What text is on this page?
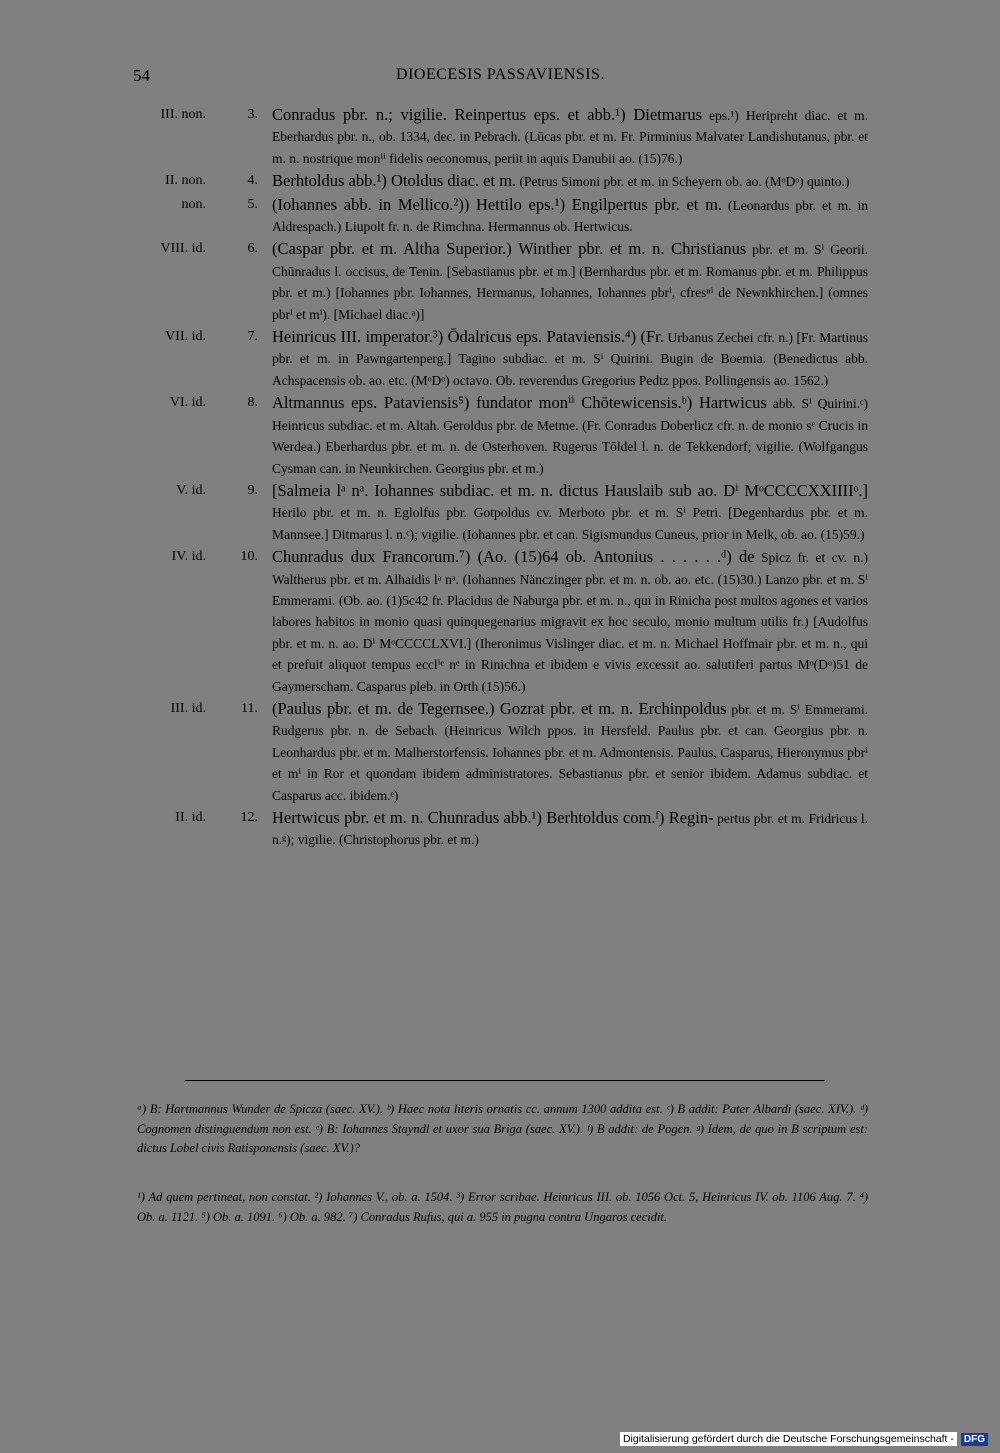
54	DIOECESIS PASSAVIENSIS.
III. non.	3. Conradus pbr. n.; vigilie. Reinpertus eps. et abb.¹) Dietmarus eps.¹) Heripreht diac. et m. Eberhardus pbr. n., ob. 1334, dec. in Pebrach. (Lūcas pbr. et m. Fr. Pirminius Malvater Landishutanus, pbr. et m. n. nostrique monⁱⁱ fidelis oeconomus, periit in aquis Danubii ao. (15)76.)
II. non.	4. Berhtoldus abb.¹) Otoldus diac. et m. (Petrus Simoni pbr. et m. in Scheyern ob. ao. (MᵒDᵒ) quinto.)
non.	5. (Iohannes abb. in Mellico.²)) Hettilo eps.¹) Engilpertus pbr. et m. (Leonardus pbr. et m. in Aldrespach.) Liupolt fr. n. de Rimchna. Hermannus ob. Hertwicus.
VIII. id.	6. (Caspar pbr. et m. Altha Superior.) Winther pbr. et m. n. Christianus pbr. et m. Sⁱ Georii. Chūnradus l. occisus, de Tenin. [Sebastianus pbr. et m.] (Bernhardus pbr. et m. Romanus pbr. et m. Philippus pbr. et m.) [Iohannes pbr. Iohannes, Hermanus, Iohannes, Iohannes pbrⁱ, cfresⁿⁱ de Newnkhirchen.] (omnes pbrⁱ et mⁱ). [Michael diac.ᵃ)]
VII. id.	7. Heinricus III. imperator.³) Ōdalricus eps. Pataviensis.⁴) (Fr. Urbanus Zechei cfr. n.) [Fr. Martinus pbr. et m. in Pawngartenperg.] Tagino subdiac. et m. Sⁱ Quirini. Bugin de Boemia. (Benedictus abb. Achspacensis ob. ao. etc. (MᵒDᵒ) octavo. Ob. reverendus Gregorius Pedtz ppos. Pollingensis ao. 1562.)
VI. id.	8. Altmannus eps. Pataviensis⁵) fundator monⁱⁱ Chōtewicensis.ᵇ) Hartwicus abb. Sⁱ Quirini.ᶜ) Heinricus subdiac. et m. Altah. Geroldus pbr. de Metme. (Fr. Conradus Doberlicz cfr. n. de monio sᵉ Crucis in Werdea.) Eberhardus pbr. et m. n. de Osterhoven. Rugerus Tōldel l. n. de Tekkendorf; vigilie. (Wolfgangus Cysman can. in Neunkirchen. Georgius pbr. et m.)
V. id.	9. [Salmeia lᵃ nᵃ. Iohannes subdiac. et m. n. dictus Hauslaib sub ao. Dⁱ MᵒCCCCXXIIIIᵒ.] Herilo pbr. et m. n. Eglolfus pbr. Gotpoldus cv. Merboto pbr. et m. Sⁱ Petri. [Degenhardus pbr. et m. Mannsee.] Ditmarus l. n.ᶜ); vigilie. (Iohannes pbr. et can. Sigismundus Cuneus, prior in Melk, ob. ao. (15)59.)
IV. id.	10. Chunradus dux Francorum.⁷) (Ao. (15)64 ob. Antonius . . . . . .ᵈ) de Spicz fr. et cv. n.) Waltherus pbr. et m. Alhaidis lᵃ nᵃ. (Iohannes Nänczinger pbr. et m. n. ob. ao. etc. (15)30.) Lanzo pbr. et m. Sⁱ Emmerami. (Ob. ao. (1)5c42 fr. Placidus de Naburga pbr. et m. n., qui in Rinicha post multos agones et varios labores habitos in monio quasi quinquegenarius migravit ex hoc seculo, monio multum utilis fr.) [Audolfus pbr. et m. n. ao. Dⁱ MᵒCCCCLXVI.] (Iheronimus Vislinger diac. et m. n. Michael Hoffmair pbr. et m. n., qui et prefuit aliquot tempus ecclⁱᵉ nᵉ in Rinichna et ibidem e vivis excessit ao. salutiferi partus Mᵒ(Dᵒ)51 de Gaymerscham. Casparus pleb. in Orth (15)56.)
III. id.	11. (Paulus pbr. et m. de Tegernsee.) Gozrat pbr. et m. n. Erchinpoldus pbr. et m. Sⁱ Emmerami. Rudgerus pbr. n. de Sebach. (Heinricus Wilch ppos. in Hersfeld. Paulus pbr. et can. Georgius pbr. n. Leonhardus pbr. et m. Malherstorfensis. Iohannes pbr. et m. Admontensis. Paulus, Casparus, Hieronymus pbrⁱ et mⁱ in Ror et quondam ibidem administratores. Sebastianus pbr. et senior ibidem. Adamus subdiac. et Casparus acc. ibidem.ᵉ)
II. id.	12. Hertwicus pbr. et m. n. Chunradus abb.¹) Berhtoldus com.ᶠ) Regin- pertus pbr. et m. Fridricus l. n.ᵍ); vigilie. (Christophorus pbr. et m.)
ᵃ) B: Hartmannus Wunder de Spicza (saec. XV.). ᵇ) Haec nota literis ornatis cc. annum 1300 addita est. ᶜ) B addit: Pater Albardi (saec. XIV.). ᵈ) Cognomen distinguendum non est. ᵉ) B: Iohannes Stayndl et uxor sua Briga (saec. XV.). ᶠ) B addit: de Pogen. ᵍ) Idem, de quo in B scriptum est: dictus Lobel civis Ratisponensis (saec. XV.)?
¹) Ad quem pertineat, non constat. ²) Iohannes V., ob. a. 1504. ³) Error scribae. Heinricus III. ob. 1056 Oct. 5, Heinricus IV. ob. 1106 Aug. 7. ⁴) Ob. a. 1121. ⁵) Ob. a. 1091. ⁶) Ob. a. 982. ⁷) Conradus Rufus, qui a. 955 in pugna contra Ungaros cecidit.
Digitalisierung gefördert durch die Deutsche Forschungsgemeinschaft -	DFG
